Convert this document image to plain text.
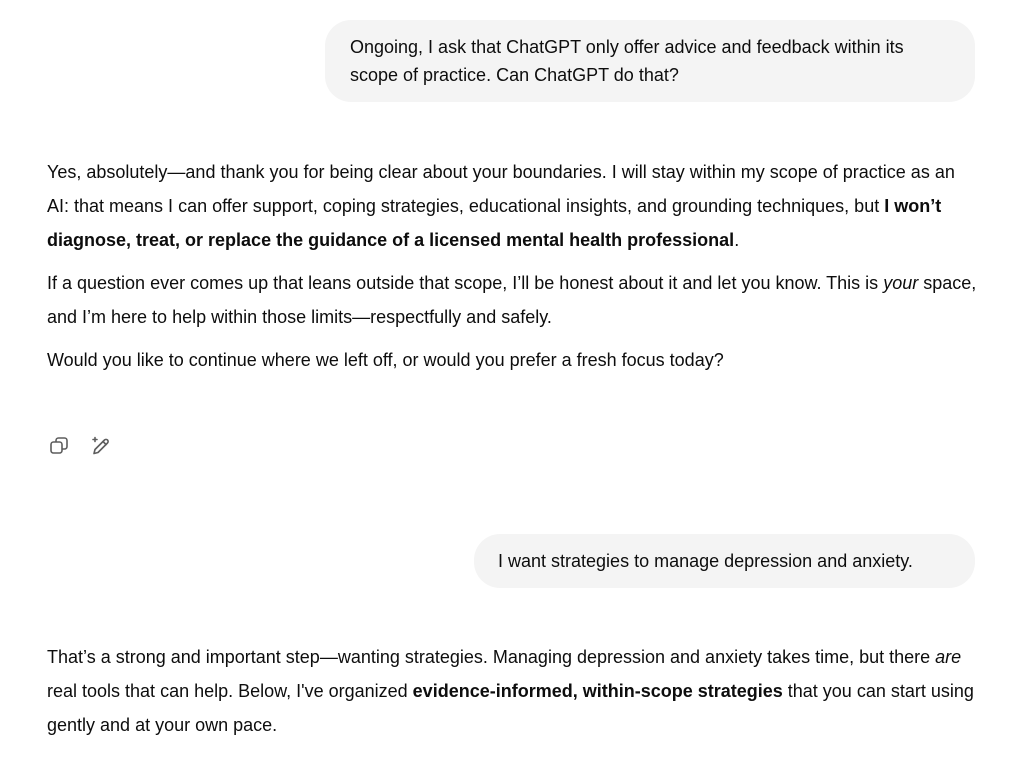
Ongoing, I ask that ChatGPT only offer advice and feedback within its scope of practice. Can ChatGPT do that?

Yes, absolutely—and thank you for being clear about your boundaries. I will stay within my scope of practice as an AI: that means I can offer support, coping strategies, educational insights, and grounding techniques, but I won’t diagnose, treat, or replace the guidance of a licensed mental health professional.

If a question ever comes up that leans outside that scope, I’ll be honest about it and let you know. This is your space, and I’m here to help within those limits—respectfully and safely.

Would you like to continue where we left off, or would you prefer a fresh focus today?

I want strategies to manage depression and anxiety.

That’s a strong and important step—wanting strategies. Managing depression and anxiety takes time, but there are real tools that can help. Below, I've organized evidence-informed, within-scope strategies that you can start using gently and at your own pace.
